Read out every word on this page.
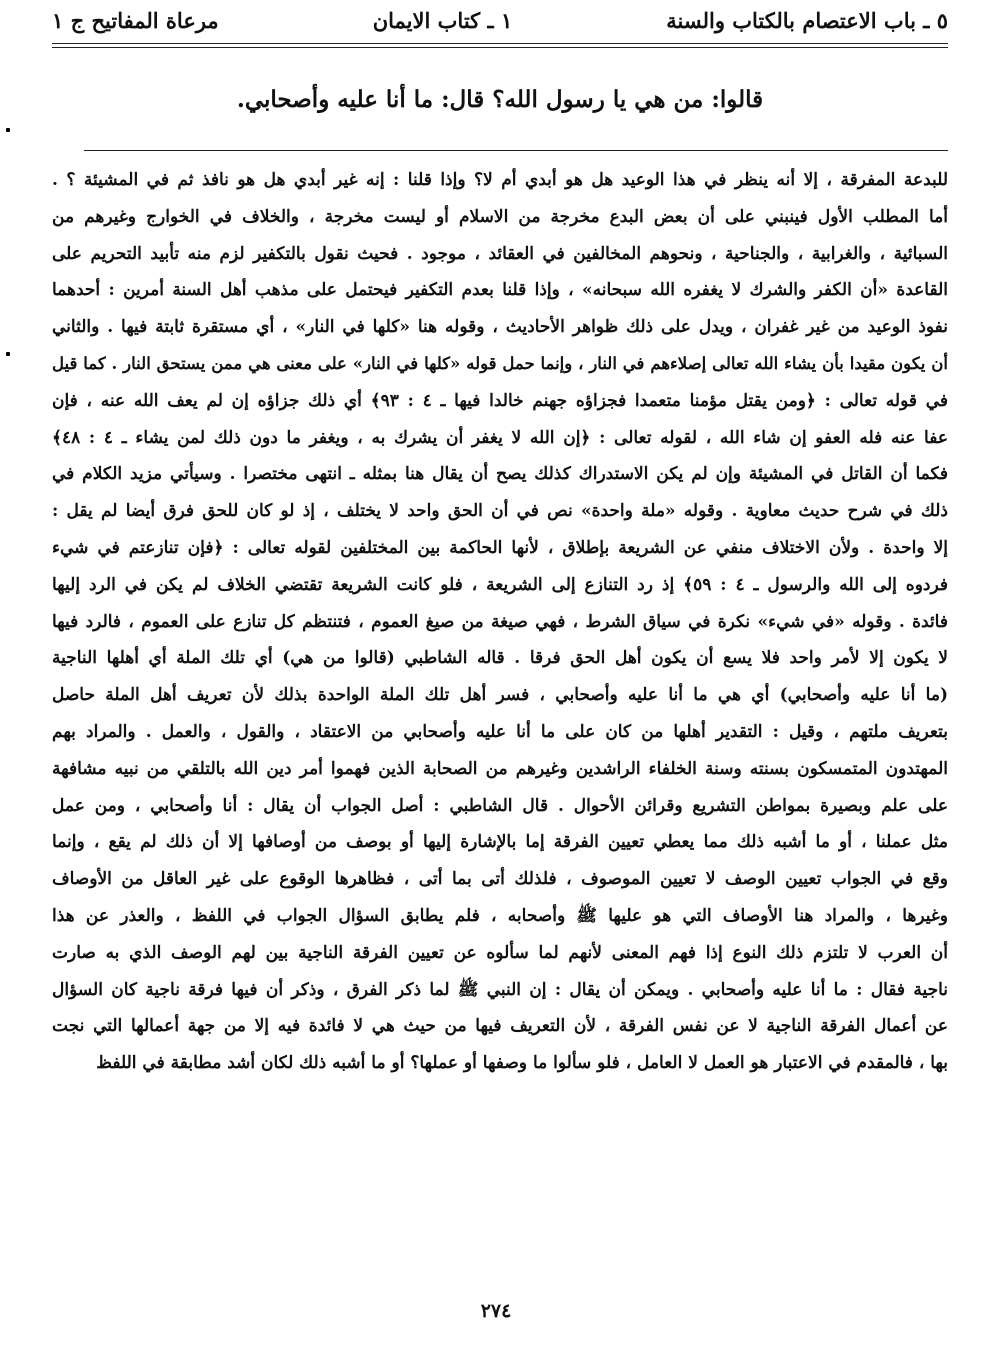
مرعاة المفاتيح ج ١	١ ـ كتاب الايمان	٥ ـ باب الاعتصام بالكتاب والسنة
قالوا: من هي يا رسول الله؟ قال: ما أنا عليه وأصحابي.
للبدعة المفرقة ، إلا أنه ينظر في هذا الوعيد هل هو أبدي أم لا؟ وإذا قلنا : إنه غير أبدي هل هو نافذ ثم في المشيئة ؟ .
أما المطلب الأول فينبني على أن بعض البدع مخرجة من الاسلام أو ليست مخرجة ، والخلاف في الخوارج وغيرهم من
السبائية ، والغرابية ، والجناحية ، ونحوهم المخالفين في العقائد ، موجود . فحيث نقول بالتكفير لزم منه تأبيد التحريم على
القاعدة «أن الكفر والشرك لا يغفره الله سبحانه» ، وإذا قلنا بعدم التكفير فيحتمل على مذهب أهل السنة أمرين : أحدهما
نفوذ الوعيد من غير غفران ، ويدل على ذلك ظواهر الأحاديث ، وقوله هنا «كلها في النار» ، أي مستقرة ثابتة فيها . والثاني
أن يكون مقيدا بأن يشاء الله تعالى إصلاءهم في النار ، وإنما حمل قوله «كلها في النار» على معنى هي ممن يستحق النار . كما قيل
في قوله تعالى : ﴿ومن يقتل مؤمنا متعمدا فجزاؤه جهنم خالدا فيها ـ ٤ : ٩٣﴾ أي ذلك جزاؤه إن لم يعف الله عنه ، فإن
عفا عنه فله العفو إن شاء الله ، لقوله تعالى : ﴿إن الله لا يغفر أن يشرك به ، ويغفر ما دون ذلك لمن يشاء ـ ٤ : ٤٨﴾
فكما أن القاتل في المشيئة وإن لم يكن الاستدراك كذلك يصح أن يقال هنا بمثله ـ انتهى مختصرا . وسيأتي مزيد الكلام في
ذلك في شرح حديث معاوية . وقوله «ملة واحدة» نص في أن الحق واحد لا يختلف ، إذ لو كان للحق فرق أيضا لم يقل :
إلا واحدة . ولأن الاختلاف منفي عن الشريعة بإطلاق ، لأنها الحاكمة بين المختلفين لقوله تعالى : ﴿فإن تنازعتم في شيء
فردوه إلى الله والرسول ـ ٤ : ٥٩﴾ إذ رد التنازع إلى الشريعة ، فلو كانت الشريعة تقتضي الخلاف لم يكن في الرد إليها
فائدة . وقوله «في شيء» نكرة في سياق الشرط ، فهي صيغة من صيغ العموم ، فتنتظم كل تنازع على العموم ، فالرد فيها
لا يكون إلا لأمر واحد فلا يسع أن يكون أهل الحق فرقا . قاله الشاطبي (قالوا من هي) أي تلك الملة أي أهلها الناجية
(ما أنا عليه وأصحابي) أي هي ما أنا عليه وأصحابي ، فسر أهل تلك الملة الواحدة بذلك لأن تعريف أهل الملة حاصل
بتعريف ملتهم ، وقيل : التقدير أهلها من كان على ما أنا عليه وأصحابي من الاعتقاد ، والقول ، والعمل . والمراد بهم
المهتدون المتمسكون بسنته وسنة الخلفاء الراشدين وغيرهم من الصحابة الذين فهموا أمر دين الله بالتلقي من نبيه مشافهة
على علم وبصيرة بمواطن التشريع وقرائن الأحوال . قال الشاطبي : أصل الجواب أن يقال : أنا وأصحابي ، ومن عمل
مثل عملنا ، أو ما أشبه ذلك مما يعطي تعيين الفرقة إما بالإشارة إليها أو بوصف من أوصافها إلا أن ذلك لم يقع ، وإنما
وقع في الجواب تعيين الوصف لا تعيين الموصوف ، فلذلك أتى بما أتى ، فظاهرها الوقوع على غير العاقل من الأوصاف
وغيرها ، والمراد هنا الأوصاف التي هو عليها ﷺ وأصحابه ، فلم يطابق السؤال الجواب في اللفظ ، والعذر عن هذا
أن العرب لا تلتزم ذلك النوع إذا فهم المعنى لأنهم لما سألوه عن تعيين الفرقة الناجية بين لهم الوصف الذي به صارت
ناجية فقال : ما أنا عليه وأصحابي . ويمكن أن يقال : إن النبي ﷺ لما ذكر الفرق ، وذكر أن فيها فرقة ناجية كان السؤال
عن أعمال الفرقة الناجية لا عن نفس الفرقة ، لأن التعريف فيها من حيث هي لا فائدة فيه إلا من جهة أعمالها التي نجت
بها ، فالمقدم في الاعتبار هو العمل لا العامل ، فلو سألوا ما وصفها أو عملها؟ أو ما أشبه ذلك لكان أشد مطابقة في اللفظ
٢٧٤
